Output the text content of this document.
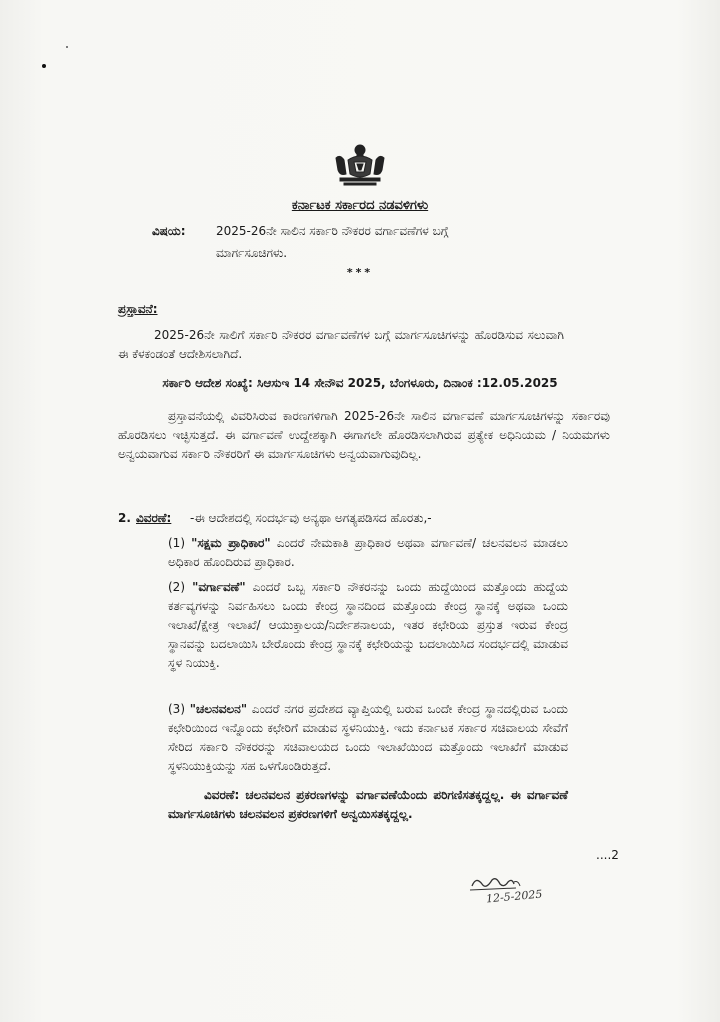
ಕರ್ನಾಟಕ ಸರ್ಕಾರದ ನಡವಳಿಗಳು
ವಿಷಯ:	2025-26ನೇ ಸಾಲಿನ ಸರ್ಕಾರಿ ನೌಕರರ ವರ್ಗಾವಣೆಗಳ ಬಗ್ಗೆ
ಮಾರ್ಗಸೂಚಿಗಳು.
***
ಪ್ರಸ್ತಾವನೆ:
2025-26ನೇ ಸಾಲಿಗೆ ಸರ್ಕಾರಿ ನೌಕರರ ವರ್ಗಾವಣೆಗಳ ಬಗ್ಗೆ ಮಾರ್ಗಸೂಚಿಗಳನ್ನು ಹೊರಡಿಸುವ ಸಲುವಾಗಿ ಈ ಕೆಳಕಂಡಂತೆ ಆದೇಶಿಸಲಾಗಿದೆ.
ಸರ್ಕಾರಿ ಆದೇಶ ಸಂಖ್ಯೆ: ಸಿಆಸುಇ 14 ಸೇನೌವ 2025, ಬೆಂಗಳೂರು, ದಿನಾಂಕ :12.05.2025
ಪ್ರಸ್ತಾವನೆಯಲ್ಲಿ ವಿವರಿಸಿರುವ ಕಾರಣಗಳಿಗಾಗಿ 2025-26ನೇ ಸಾಲಿನ ವರ್ಗಾವಣೆ ಮಾರ್ಗಸೂಚಿಗಳನ್ನು ಸರ್ಕಾರವು ಹೊರಡಿಸಲು ಇಚ್ಛಿಸುತ್ತದೆ. ಈ ವರ್ಗಾವಣೆ ಉದ್ದೇಶಕ್ಕಾಗಿ ಈಗಾಗಲೇ ಹೊರಡಿಸಲಾಗಿರುವ ಪ್ರತ್ಯೇಕ ಅಧಿನಿಯಮ / ನಿಯಮಗಳು ಅನ್ವಯವಾಗುವ ಸರ್ಕಾರಿ ನೌಕರರಿಗೆ ಈ ಮಾರ್ಗಸೂಚಿಗಳು ಅನ್ವಯವಾಗುವುದಿಲ್ಲ.
2. ವಿವರಣೆ: -ಈ ಆದೇಶದಲ್ಲಿ ಸಂದರ್ಭವು ಅನ್ಯಥಾ ಅಗತ್ಯಪಡಿಸದ ಹೊರತು,-
(1) "ಸಕ್ಷಮ ಪ್ರಾಧಿಕಾರ" ಎಂದರೆ ನೇಮಕಾತಿ ಪ್ರಾಧಿಕಾರ ಅಥವಾ ವರ್ಗಾವಣೆ/ ಚಲನವಲನ ಮಾಡಲು ಅಧಿಕಾರ ಹೊಂದಿರುವ ಪ್ರಾಧಿಕಾರ.
(2) "ವರ್ಗಾವಣೆ" ಎಂದರೆ ಒಬ್ಬ ಸರ್ಕಾರಿ ನೌಕರನನ್ನು ಒಂದು ಹುದ್ದೆಯಿಂದ ಮತ್ತೊಂದು ಹುದ್ದೆಯ ಕರ್ತವ್ಯಗಳನ್ನು ನಿರ್ವಹಿಸಲು ಒಂದು ಕೇಂದ್ರ ಸ್ಥಾನದಿಂದ ಮತ್ತೊಂದು ಕೇಂದ್ರ ಸ್ಥಾನಕ್ಕೆ ಅಥವಾ ಒಂದು ಇಲಾಖೆ/ಕ್ಷೇತ್ರ ಇಲಾಖೆ/ ಆಯುಕ್ತಾಲಯ/ನಿರ್ದೇಶನಾಲಯ, ಇತರ ಕಛೇರಿಯ ಪ್ರಸ್ತುತ ಇರುವ ಕೇಂದ್ರ ಸ್ಥಾನವನ್ನು ಬದಲಾಯಿಸಿ ಬೇರೊಂದು ಕೇಂದ್ರ ಸ್ಥಾನಕ್ಕೆ ಕಛೇರಿಯನ್ನು ಬದಲಾಯಿಸಿದ ಸಂದರ್ಭದಲ್ಲಿ ಮಾಡುವ ಸ್ಥಳ ನಿಯುಕ್ತಿ.
(3) "ಚಲನವಲನ" ಎಂದರೆ ನಗರ ಪ್ರದೇಶದ ವ್ಯಾಪ್ತಿಯಲ್ಲಿ ಬರುವ ಒಂದೇ ಕೇಂದ್ರ ಸ್ಥಾನದಲ್ಲಿರುವ ಒಂದು ಕಛೇರಿಯಿಂದ ಇನ್ನೊಂದು ಕಛೇರಿಗೆ ಮಾಡುವ ಸ್ಥಳನಿಯುಕ್ತಿ. ಇದು ಕರ್ನಾಟಕ ಸರ್ಕಾರ ಸಚಿವಾಲಯ ಸೇವೆಗೆ ಸೇರಿದ ಸರ್ಕಾರಿ ನೌಕರರನ್ನು ಸಚಿವಾಲಯದ ಒಂದು ಇಲಾಖೆಯಿಂದ ಮತ್ತೊಂದು ಇಲಾಖೆಗೆ ಮಾಡುವ ಸ್ಥಳನಿಯುಕ್ತಿಯನ್ನು ಸಹ ಒಳಗೊಂಡಿರುತ್ತದೆ.
ವಿವರಣೆ: ಚಲನವಲನ ಪ್ರಕರಣಗಳನ್ನು ವರ್ಗಾವಣೆಯೆಂದು ಪರಿಗಣಿಸತಕ್ಕದ್ದಲ್ಲ. ಈ ವರ್ಗಾವಣೆ ಮಾರ್ಗಸೂಚಿಗಳು ಚಲನವಲನ ಪ್ರಕರಣಗಳಿಗೆ ಅನ್ವಯಿಸತಕ್ಕದ್ದಲ್ಲ.
....2
12-5-2025
